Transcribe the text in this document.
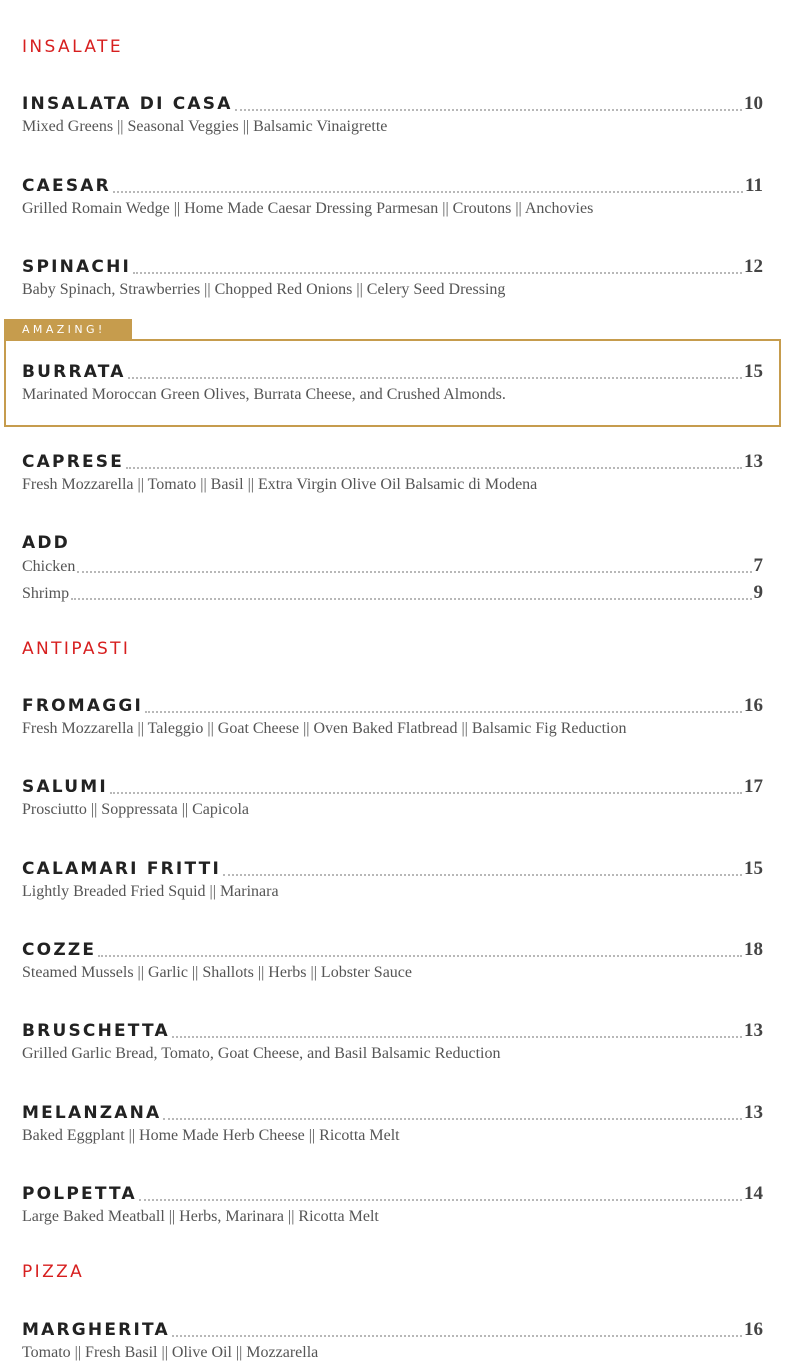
INSALATE
INSALATA DI CASA	10
Mixed Greens || Seasonal Veggies || Balsamic Vinaigrette
CAESAR	11
Grilled Romain Wedge || Home Made Caesar Dressing Parmesan || Croutons || Anchovies
SPINACHI	12
Baby Spinach, Strawberries || Chopped Red Onions || Celery Seed Dressing
AMAZING!
BURRATA	15
Marinated Moroccan Green Olives, Burrata Cheese, and Crushed Almonds.
CAPRESE	13
Fresh Mozzarella || Tomato || Basil || Extra Virgin Olive Oil Balsamic di Modena
ADD
Chicken	7
Shrimp	9
ANTIPASTI
FROMAGGI	16
Fresh Mozzarella || Taleggio || Goat Cheese || Oven Baked Flatbread || Balsamic Fig Reduction
SALUMI	17
Prosciutto || Soppressata || Capicola
CALAMARI FRITTI	15
Lightly Breaded Fried Squid || Marinara
COZZE	18
Steamed Mussels || Garlic || Shallots || Herbs || Lobster Sauce
BRUSCHETTA	13
Grilled Garlic Bread, Tomato, Goat Cheese, and Basil Balsamic Reduction
MELANZANA	13
Baked Eggplant || Home Made Herb Cheese || Ricotta Melt
POLPETTA	14
Large Baked Meatball || Herbs, Marinara || Ricotta Melt
PIZZA
MARGHERITA	16
Tomato || Fresh Basil || Olive Oil || Mozzarella
